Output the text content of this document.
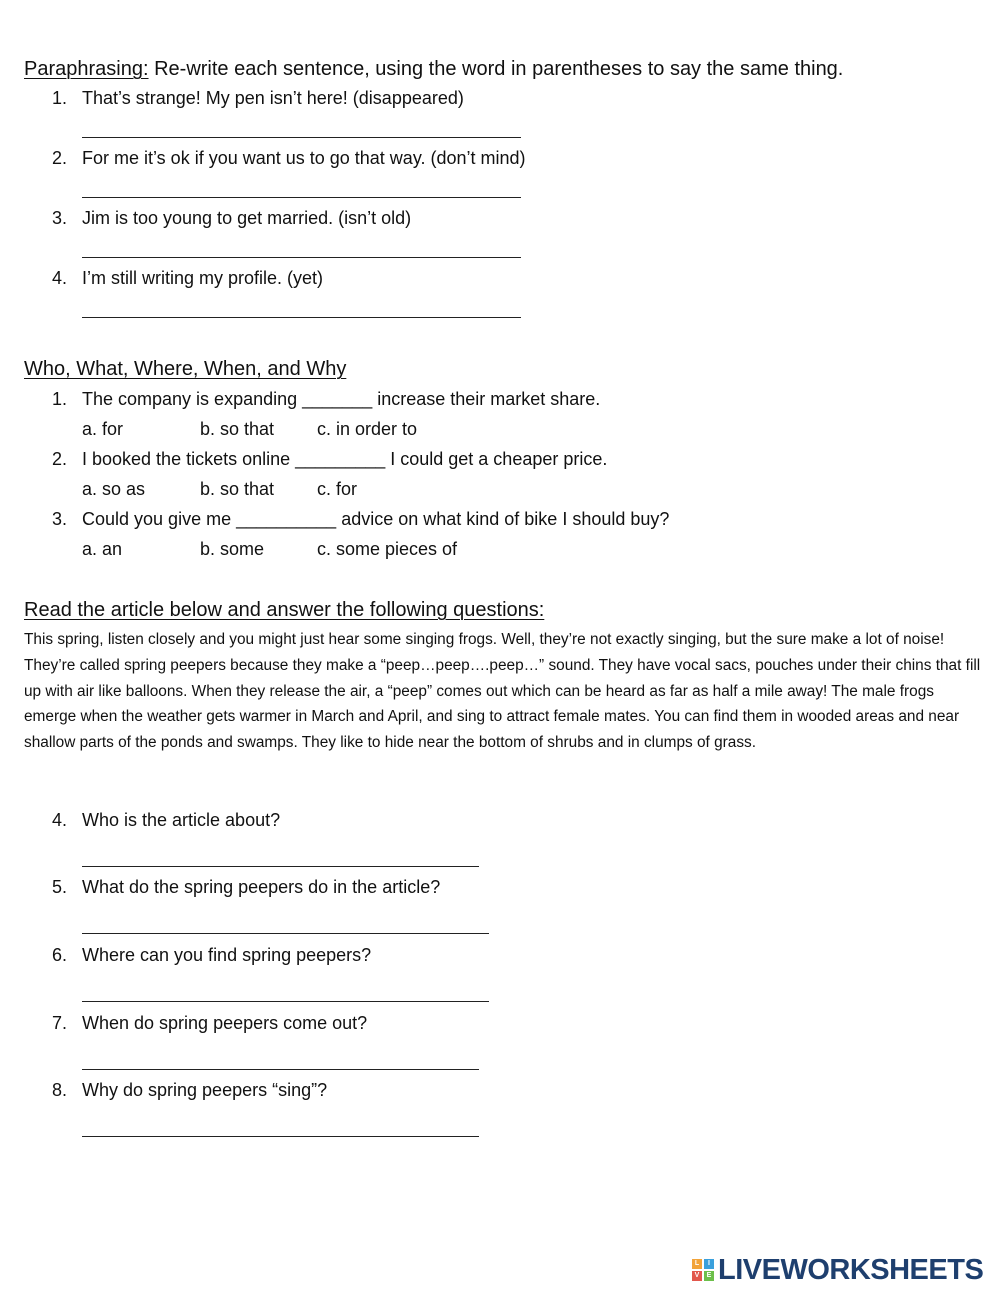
Paraphrasing: Re-write each sentence, using the word in parentheses to say the same thing.
1. That’s strange! My pen isn’t here! (disappeared)
2. For me it’s ok if you want us to go that way. (don’t mind)
3. Jim is too young to get married. (isn’t old)
4. I’m still writing my profile. (yet)
Who, What, Where, When, and Why
1. The company is expanding _______ increase their market share.
a. for	b. so that c. in order to
2. I booked the tickets online _________ I could get a cheaper price.
a. so as	b. so that c. for
3. Could you give me __________ advice on what kind of bike I should buy?
a. an	b. some	c. some pieces of
Read the article below and answer the following questions:
This spring, listen closely and you might just hear some singing frogs. Well, they’re not exactly singing, but the sure make a lot of noise! They’re called spring peepers because they make a “peep…peep….peep…” sound. They have vocal sacs, pouches under their chins that fill up with air like balloons. When they release the air, a “peep” comes out which can be heard as far as half a mile away! The male frogs emerge when the weather gets warmer in March and April, and sing to attract female mates. You can find them in wooded areas and near shallow parts of the ponds and swamps. They like to hide near the bottom of shrubs and in clumps of grass.
4. Who is the article about?
5. What do the spring peepers do in the article?
6. Where can you find spring peepers?
7. When do spring peepers come out?
8. Why do spring peepers “sing”?
L	I
V	E LIVEWORKSHEETS
